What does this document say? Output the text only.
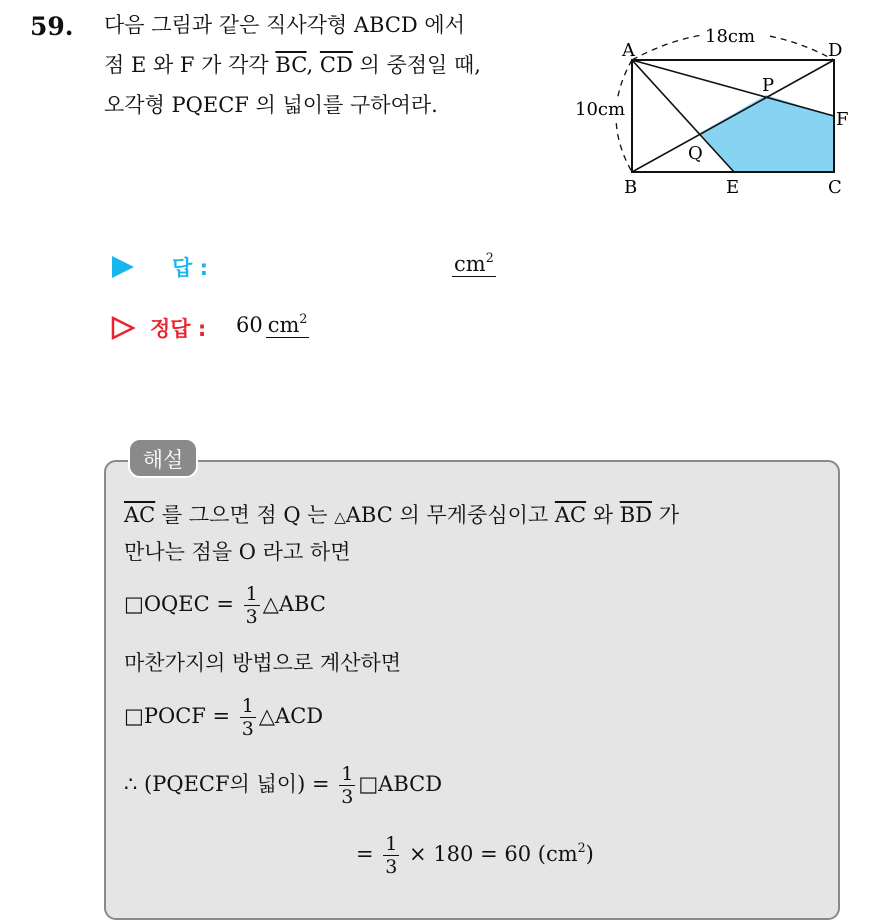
59. 다음 그림과 같은 직사각형 ABCD 에서
점 E 와 F 가 각각 $\overline{BC}$, $\overline{CD}$ 의 중점일 때,
오각형 PQECF 의 넓이를 구하여라.
A	D
B	C
E
F
P
Q
18cm
10cm
답 :	$cm^2$
정답 : 60 $cm^2$
해설
$\overline{AC}$ 를 그으면 점 Q 는 △ABC 의 무게중심이고 $\overline{AC}$ 와 $\overline{BD}$ 가
만나는 점을 O 라고 하면
□OQEC = $\frac{1}{3}$ △ABC
마찬가지의 방법으로 계산하면
□POCF = $\frac{1}{3}$ △ACD
∴ (PQECF의 넓이) = $\frac{1}{3}$ □ABCD
= $\frac{1}{3} \times 180 = 60$ $(cm^2)$
